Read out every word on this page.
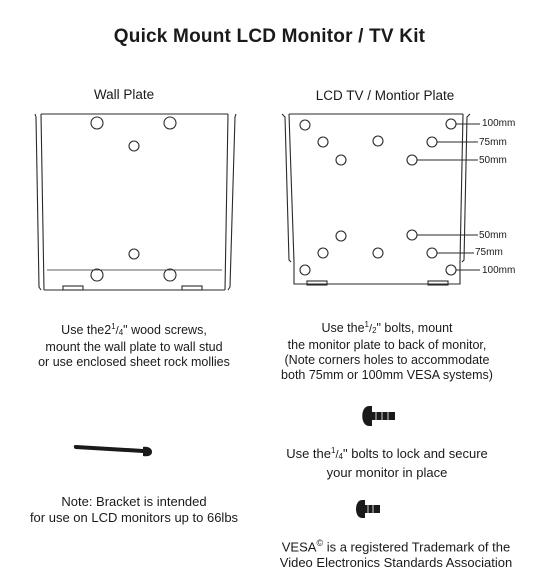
Quick Mount LCD Monitor / TV Kit
Wall Plate	LCD TV / Montior Plate
100mm
75mm
50mm
50mm
75mm
100mm
Use $the2^1/_4$" wood screws,
mount the wall plate to wall stud
or use enclosed sheet rock mollies
Use $the^1/_2$" bolts, mount
the monitor plate to back of monitor,
(Note corners holes to accommodate
both 75mm or 100mm VESA systems)
Use $the^1/_4$" bolts to lock and secure
your monitor in place
Note: Bracket is intended
for use on LCD monitors up to 66lbs
VESA© is a registered Trademark of the
Video Electronics Standards Association
